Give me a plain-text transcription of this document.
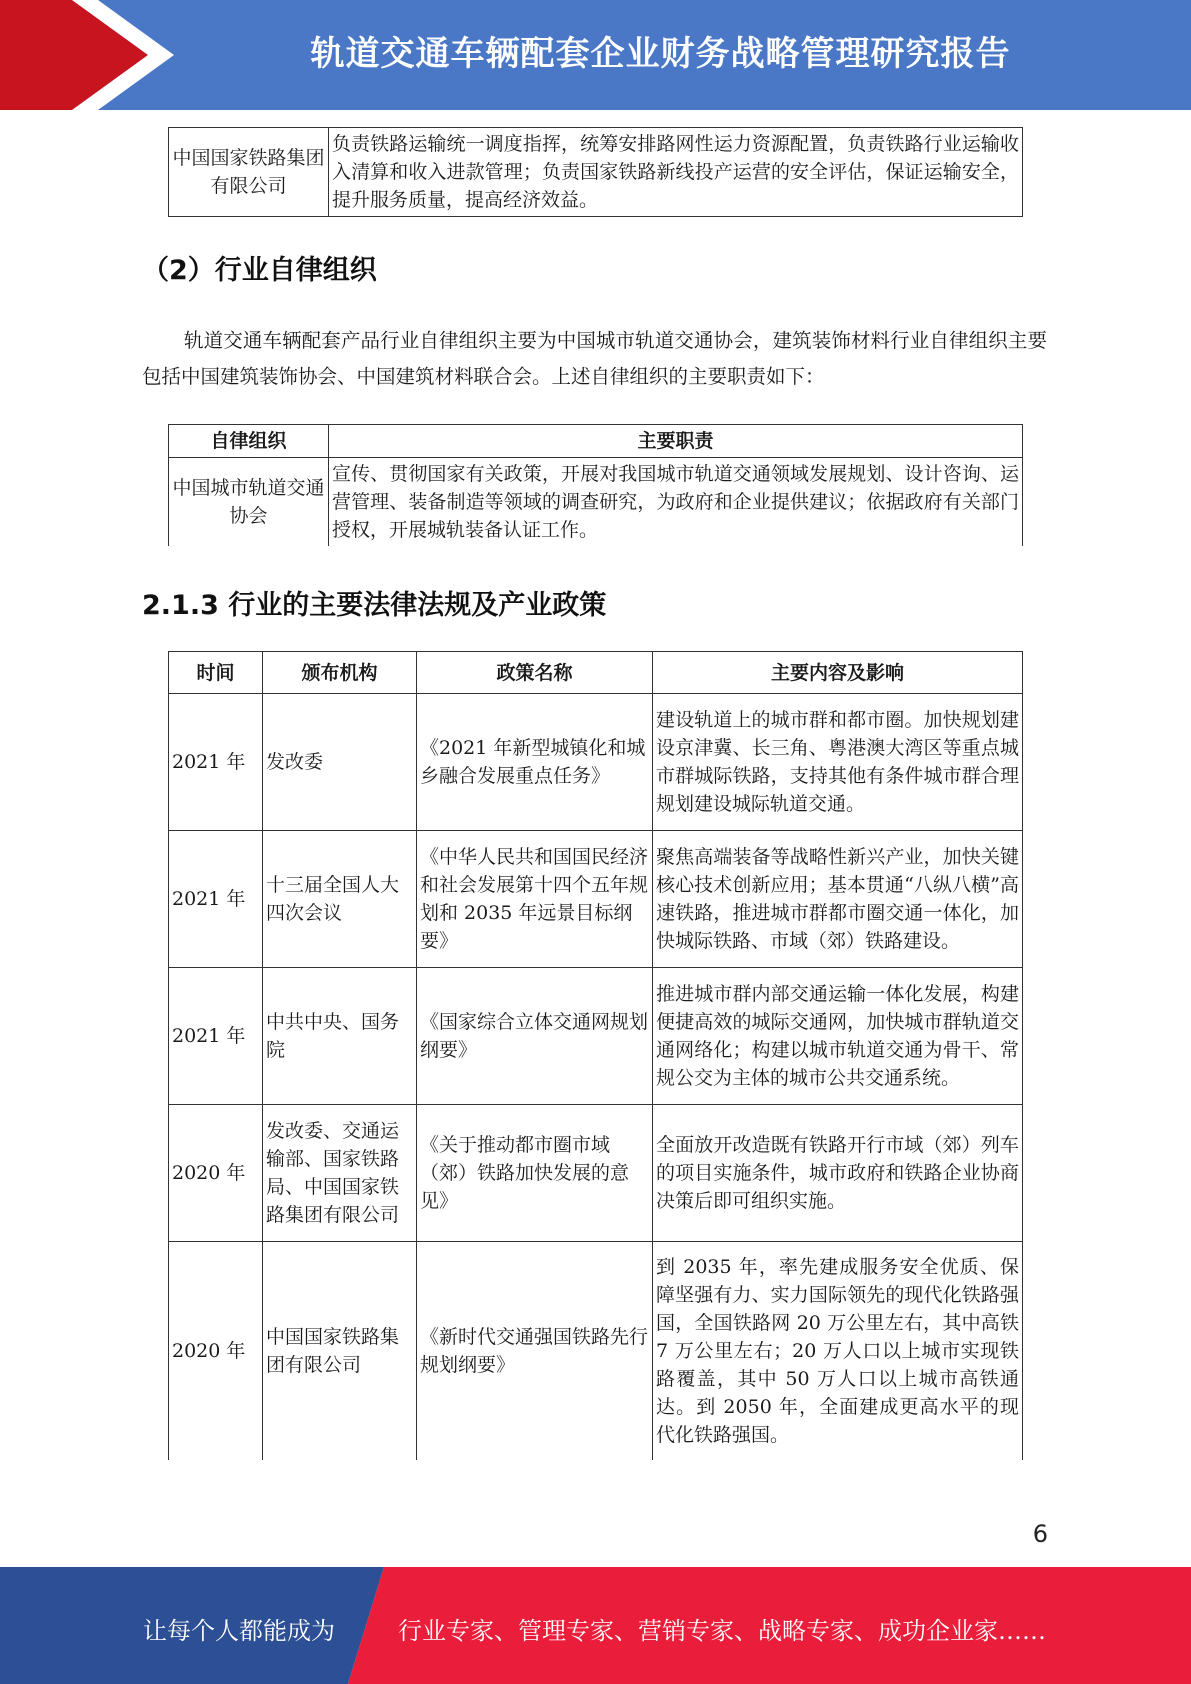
轨道交通车辆配套企业财务战略管理研究报告
中国国家铁路集团有限公司	负责铁路运输统一调度指挥，统筹安排路网性运力资源配置，负责铁路行业运输收入清算和收入进款管理；负责国家铁路新线投产运营的安全评估，保证运输安全，提升服务质量，提高经济效益。
（2）行业自律组织
轨道交通车辆配套产品行业自律组织主要为中国城市轨道交通协会，建筑装饰材料行业自律组织主要包括中国建筑装饰协会、中国建筑材料联合会。上述自律组织的主要职责如下：
自律组织	主要职责
中国城市轨道交通协会	宣传、贯彻国家有关政策，开展对我国城市轨道交通领域发展规划、设计咨询、运营管理、装备制造等领域的调查研究，为政府和企业提供建议；依据政府有关部门授权，开展城轨装备认证工作。
2.1.3 行业的主要法律法规及产业政策
时间	颁布机构	政策名称	主要内容及影响
2021 年	发改委	《2021 年新型城镇化和城乡融合发展重点任务》	建设轨道上的城市群和都市圈。加快规划建设京津冀、长三角、粤港澳大湾区等重点城市群城际铁路，支持其他有条件城市群合理规划建设城际轨道交通。
2021 年	十三届全国人大四次会议	《中华人民共和国国民经济和社会发展第十四个五年规划和 2035 年远景目标纲要》	聚焦高端装备等战略性新兴产业，加快关键核心技术创新应用；基本贯通“八纵八横”高速铁路，推进城市群都市圈交通一体化，加快城际铁路、市域（郊）铁路建设。
2021 年	中共中央、国务院	《国家综合立体交通网规划纲要》	推进城市群内部交通运输一体化发展，构建便捷高效的城际交通网，加快城市群轨道交通网络化；构建以城市轨道交通为骨干、常规公交为主体的城市公共交通系统。
2020 年	发改委、交通运输部、国家铁路局、中国国家铁路集团有限公司	《关于推动都市圈市域（郊）铁路加快发展的意见》	全面放开改造既有铁路开行市域（郊）列车的项目实施条件，城市政府和铁路企业协商决策后即可组织实施。
2020 年	中国国家铁路集团有限公司	《新时代交通强国铁路先行规划纲要》	到 2035 年，率先建成服务安全优质、保障坚强有力、实力国际领先的现代化铁路强国，全国铁路网 20 万公里左右，其中高铁 7 万公里左右；20 万人口以上城市实现铁路覆盖，其中 50 万人口以上城市高铁通达。到 2050 年，全面建成更高水平的现代化铁路强国。
6
让每个人都能成为	行业专家、管理专家、营销专家、战略专家、成功企业家……
